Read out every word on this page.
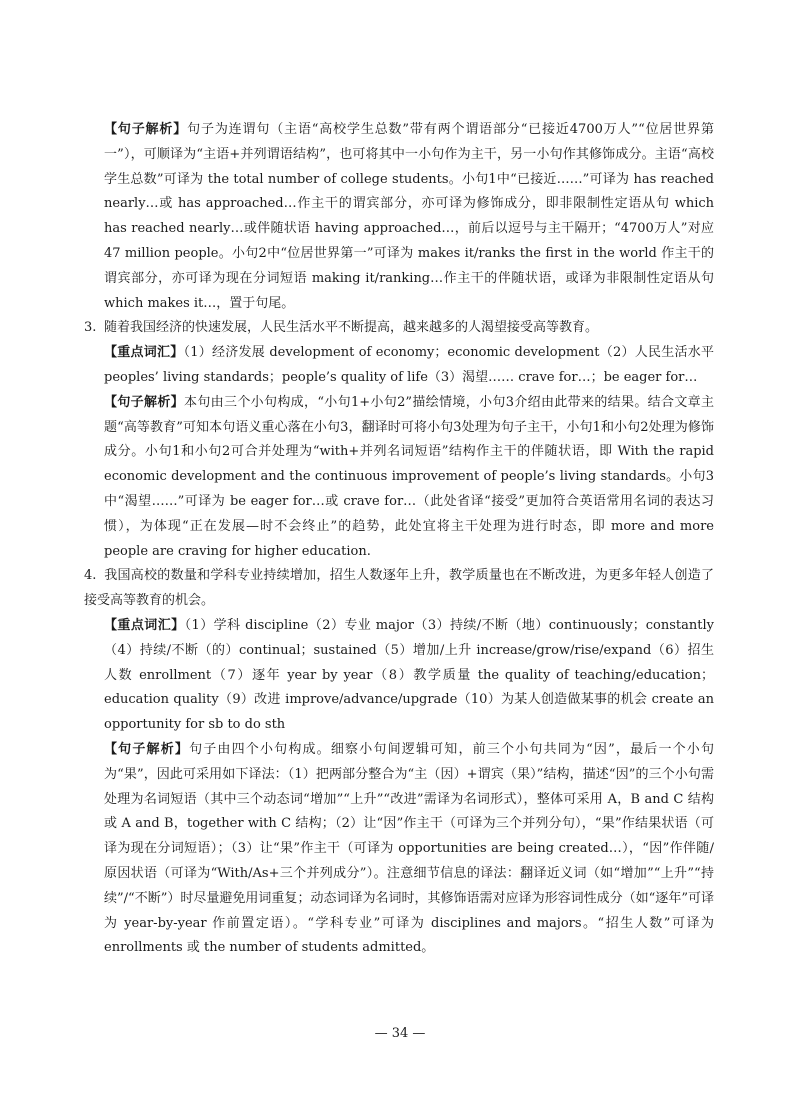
【句子解析】句子为连谓句（主语“高校学生总数”带有两个谓语部分“已接近4700万人”“位居世界第一”），可顺译为“主语+并列谓语结构”，也可将其中一小句作为主干，另一小句作其修饰成分。主语“高校学生总数”可译为 the total number of college students。小句1中“已接近……”可译为 has reached nearly…或 has approached…作主干的谓宾部分，亦可译为修饰成分，即非限制性定语从句 which has reached nearly…或伴随状语 having approached…，前后以逗号与主干隔开；“4700万人”对应47 million people。小句2中“位居世界第一”可译为 makes it/ranks the first in the world 作主干的谓宾部分，亦可译为现在分词短语 making it/ranking…作主干的伴随状语，或译为非限制性定语从句 which makes it…，置于句尾。

3. 随着我国经济的快速发展，人民生活水平不断提高，越来越多的人渴望接受高等教育。

【重点词汇】（1）经济发展 development of economy；economic development（2）人民生活水平 peoples’ living standards；people’s quality of life（3）渴望…… crave for…；be eager for…

【句子解析】本句由三个小句构成，“小句1+小句2”描绘情境，小句3介绍由此带来的结果。结合文章主题“高等教育”可知本句语义重心落在小句3，翻译时可将小句3处理为句子主干，小句1和小句2处理为修饰成分。小句1和小句2可合并处理为“with+并列名词短语”结构作主干的伴随状语，即 With the rapid economic development and the continuous improvement of people’s living standards。小句3中“渴望……”可译为 be eager for…或 crave for…（此处省译“接受”更加符合英语常用名词的表达习惯），为体现“正在发展—时不会终止”的趋势，此处宜将主干处理为进行时态，即 more and more people are craving for higher education.

4. 我国高校的数量和学科专业持续增加，招生人数逐年上升，教学质量也在不断改进，为更多年轻人创造了接受高等教育的机会。

【重点词汇】（1）学科 discipline（2）专业 major（3）持续/不断（地）continuously；constantly（4）持续/不断（的）continual；sustained（5）增加/上升 increase/grow/rise/expand（6）招生人数 enrollment（7）逐年 year by year（8）教学质量 the quality of teaching/education；education quality（9）改进 improve/advance/upgrade（10）为某人创造做某事的机会 create an opportunity for sb to do sth

【句子解析】句子由四个小句构成。细察小句间逻辑可知，前三个小句共同为“因”，最后一个小句为“果”，因此可采用如下译法：（1）把两部分整合为“主（因）+谓宾（果）”结构，描述“因”的三个小句需处理为名词短语（其中三个动态词“增加”“上升”“改进”需译为名词形式），整体可采用 A，B and C 结构或 A and B，together with C 结构；（2）让“因”作主干（可译为三个并列分句），“果”作结果状语（可译为现在分词短语）；（3）让“果”作主干（可译为 opportunities are being created…），“因”作伴随/原因状语（可译为“With/As+三个并列成分”）。注意细节信息的译法：翻译近义词（如“增加”“上升”“持续”/“不断”）时尽量避免用词重复；动态词译为名词时，其修饰语需对应译为形容词性成分（如“逐年”可译为 year-by-year 作前置定语）。“学科专业”可译为 disciplines and majors。“招生人数”可译为 enrollments 或 the number of students admitted。

— 34 —
